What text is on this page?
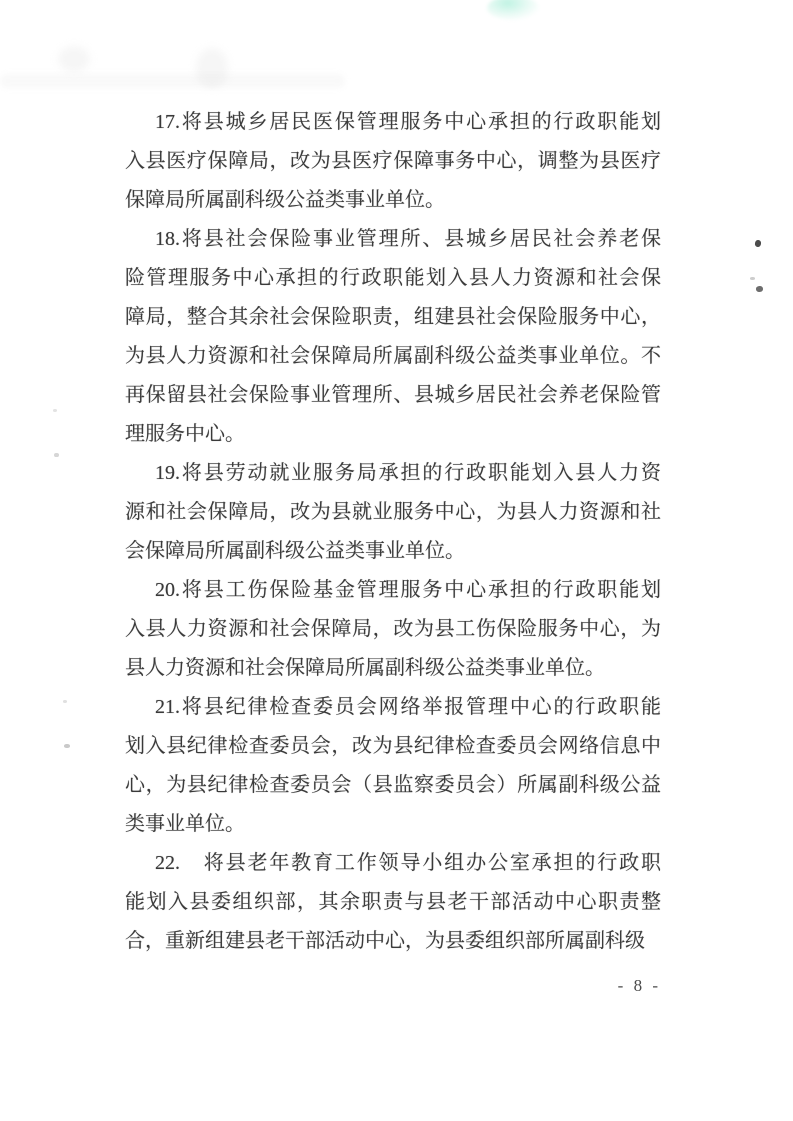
17.将县城乡居民医保管理服务中心承担的行政职能划
入县医疗保障局，改为县医疗保障事务中心，调整为县医疗
保障局所属副科级公益类事业单位。
18.将县社会保险事业管理所、县城乡居民社会养老保
险管理服务中心承担的行政职能划入县人力资源和社会保
障局，整合其余社会保险职责，组建县社会保险服务中心，
为县人力资源和社会保障局所属副科级公益类事业单位。不
再保留县社会保险事业管理所、县城乡居民社会养老保险管
理服务中心。
19.将县劳动就业服务局承担的行政职能划入县人力资
源和社会保障局，改为县就业服务中心，为县人力资源和社
会保障局所属副科级公益类事业单位。
20.将县工伤保险基金管理服务中心承担的行政职能划
入县人力资源和社会保障局，改为县工伤保险服务中心，为
县人力资源和社会保障局所属副科级公益类事业单位。
21.将县纪律检查委员会网络举报管理中心的行政职能
划入县纪律检查委员会，改为县纪律检查委员会网络信息中
心，为县纪律检查委员会（县监察委员会）所属副科级公益
类事业单位。
22.　将县老年教育工作领导小组办公室承担的行政职
能划入县委组织部，其余职责与县老干部活动中心职责整
合，重新组建县老干部活动中心，为县委组织部所属副科级
- 8 -
